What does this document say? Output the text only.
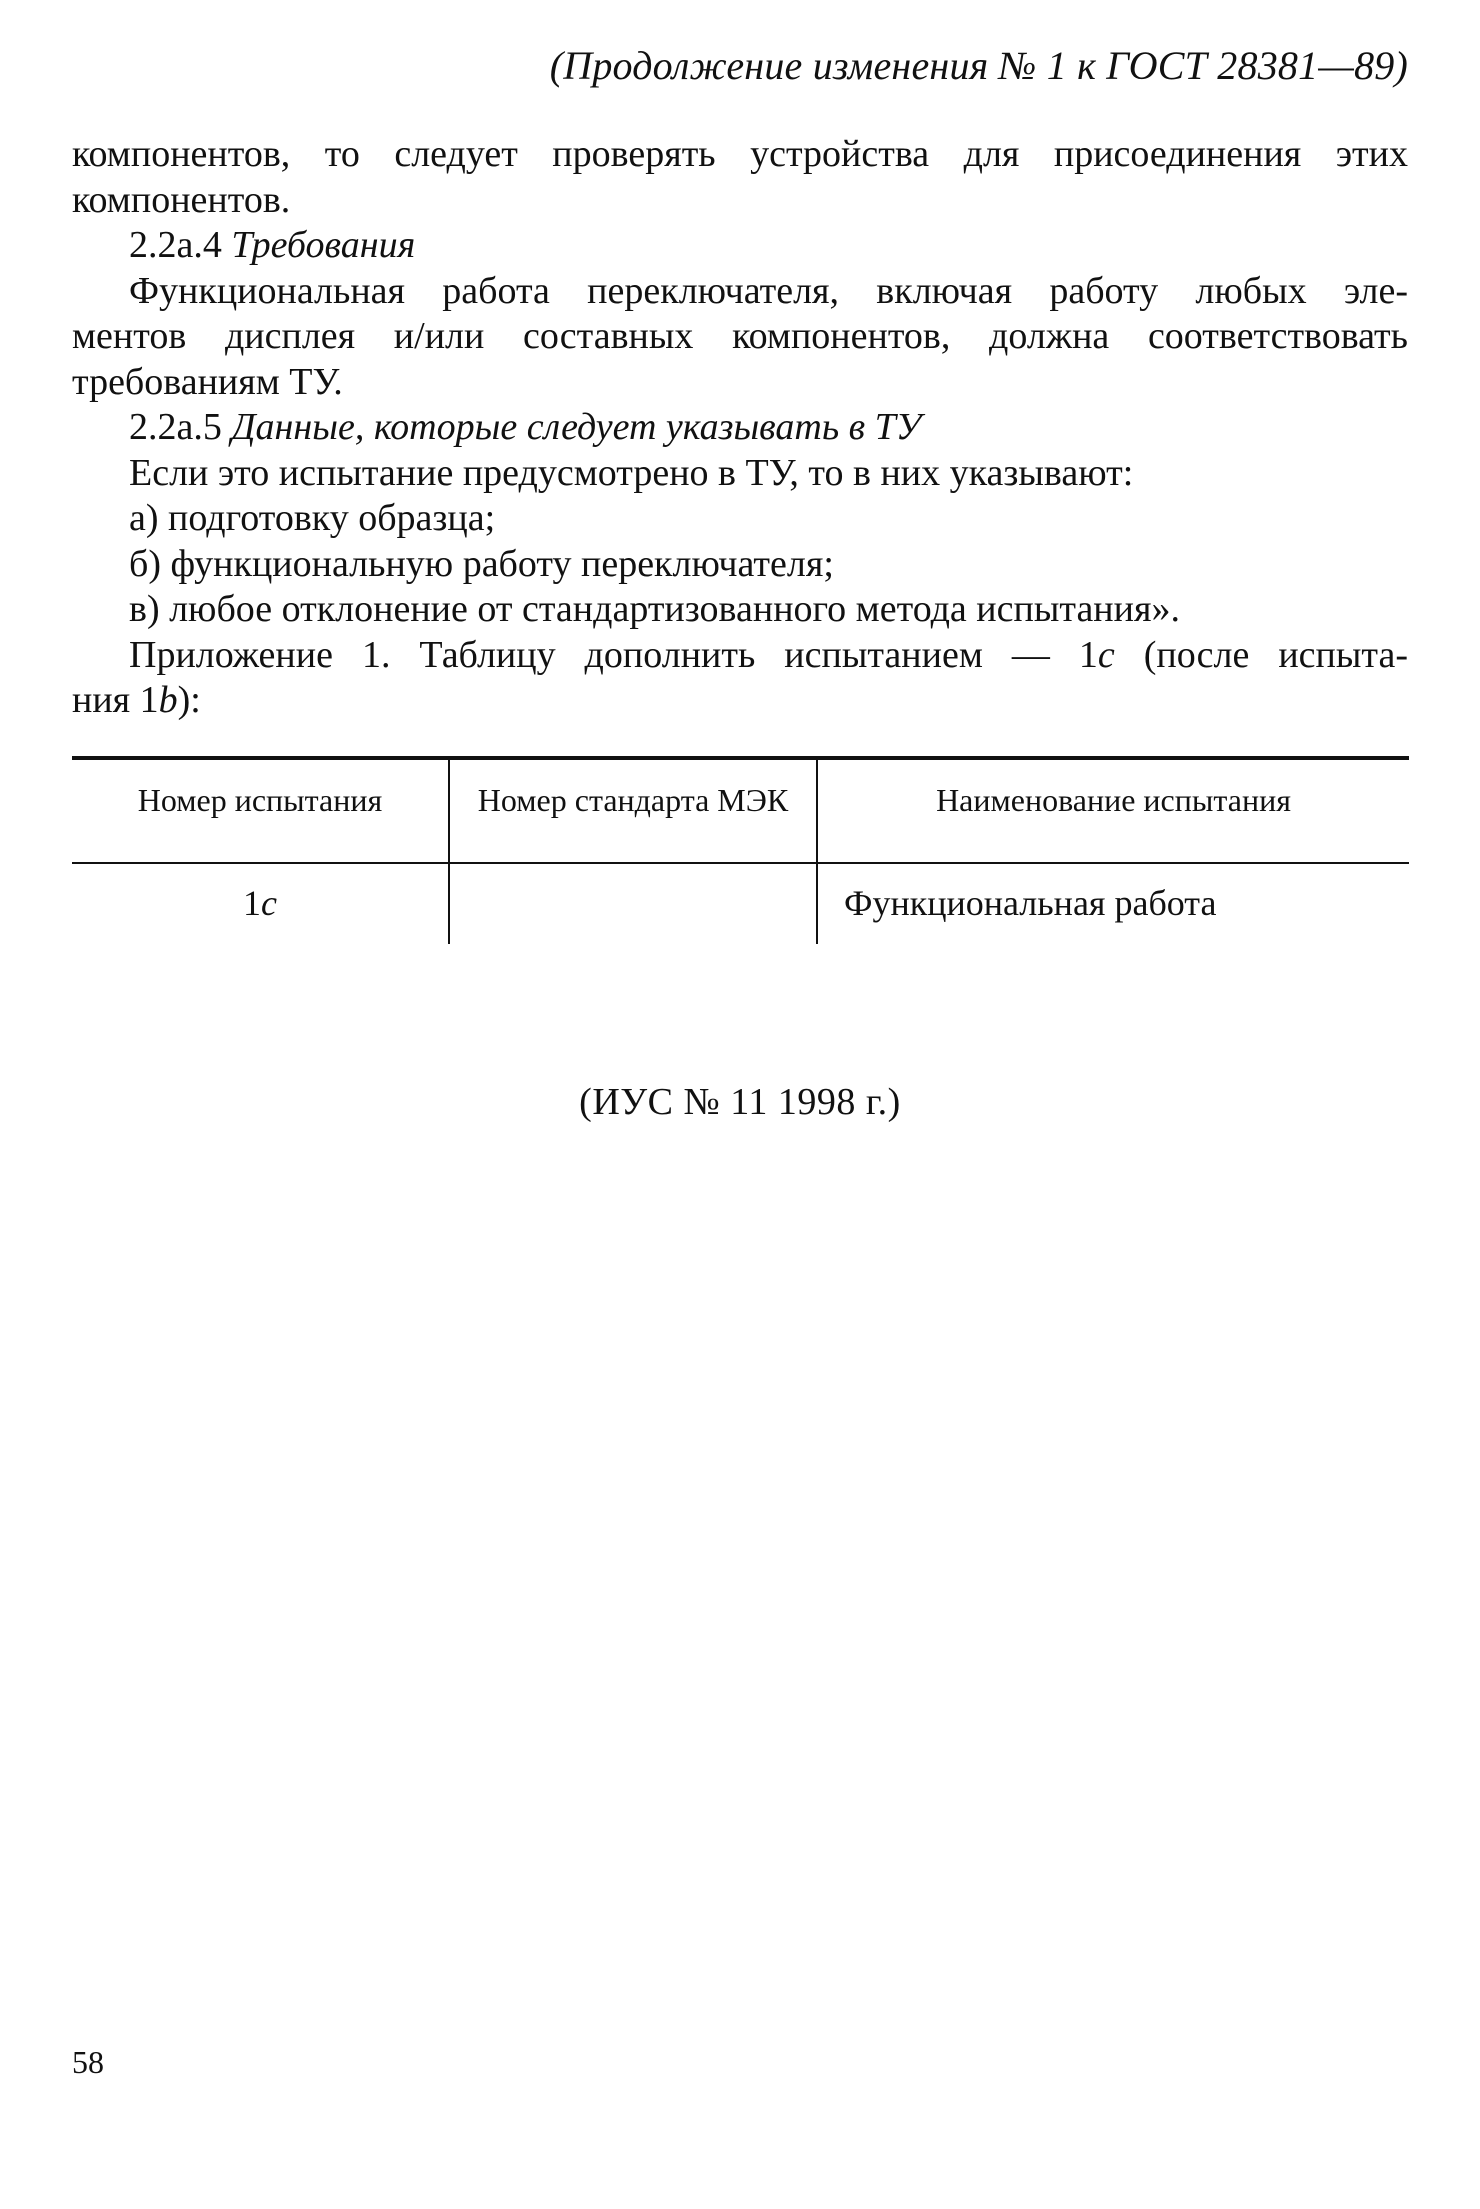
(Продолжение изменения № 1 к ГОСТ 28381—89)

компонентов, то следует проверять устройства для присоединения этих

компонентов.

2.2а.4 Требования

Функциональная работа переключателя, включая работу любых эле-

ментов дисплея и/или составных компонентов, должна соответствовать

требованиям ТУ.

2.2а.5 Данные, которые следует указывать в ТУ

Если это испытание предусмотрено в ТУ, то в них указывают:

а) подготовку образца;

б) функциональную работу переключателя;

в) любое отклонение от стандартизованного метода испытания».

Приложение 1. Таблицу дополнить испытанием — 1c (после испыта-

ния 1b):

Номер испытания	Номер стандарта МЭК	Наименование испытания
1c		Функциональная работа
(ИУС № 11 1998 г.)
58
